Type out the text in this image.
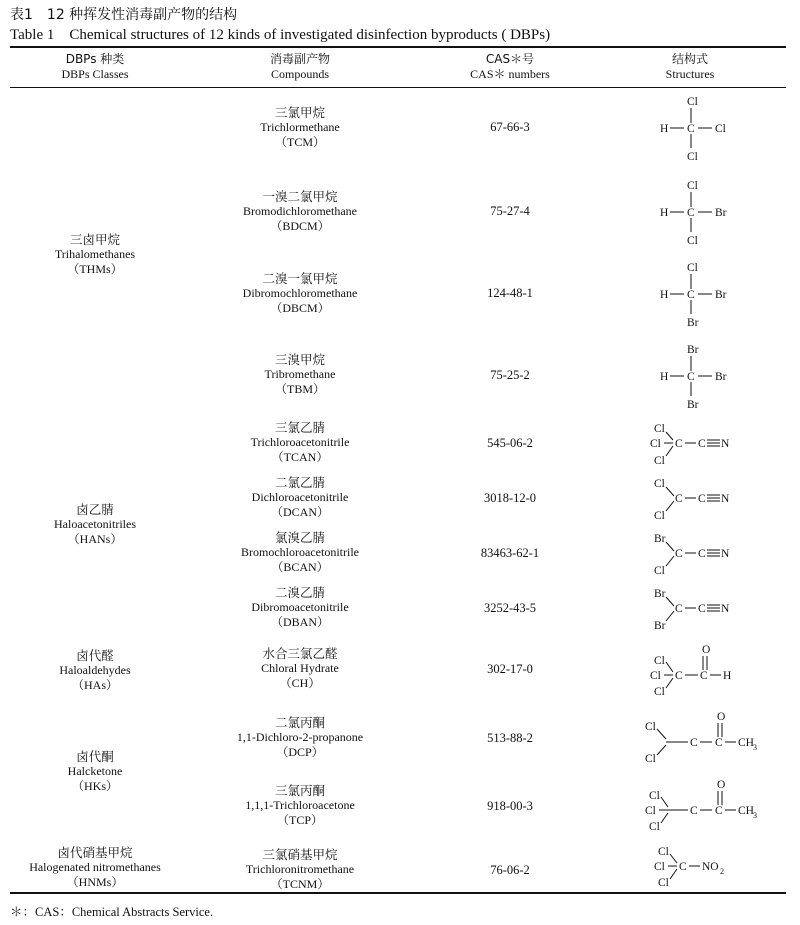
表1　12 种挥发性消毒副产物的结构
Table 1　Chemical structures of 12 kinds of investigated disinfection byproducts ( DBPs)
DBPs 种类
DBPs Classes
消毒副产物
Compounds
CAS＊号
CAS＊ numbers
结构式
Structures
三卤甲烷
Trihalomethanes
（THMs）
卤乙腈
Haloacetonitriles
（HANs）
卤代醛
Haloaldehydes
（HAs）
卤代酮
Halcketone
（HKs）
卤代硝基甲烷
Halogenated nitromethanes
（HNMs）
三氯甲烷
Trichlormethane
（TCM）
67-66-3
一溴二氯甲烷
Bromodichloromethane
（BDCM）
75-27-4
二溴一氯甲烷
Dibromochloromethane
（DBCM）
124-48-1
三溴甲烷
Tribromethane
（TBM）
75-25-2
三氯乙腈
Trichloroacetonitrile
（TCAN）
545-06-2
二氯乙腈
Dichloroacetonitrile
（DCAN）
3018-12-0
氯溴乙腈
Bromochloroacetonitrile
（BCAN）
83463-62-1
二溴乙腈
Dibromoacetonitrile
（DBAN）
3252-43-5
水合三氯乙醛
Chloral Hydrate
（CH）
302-17-0
二氯丙酮
1,1-Dichloro-2-propanone
（DCP）
513-88-2
三氯丙酮
1,1,1-Trichloroacetone
（TCP）
918-00-3
三氯硝基甲烷
Trichloronitromethane
（TCNM）
76-06-2
Cl
H C Cl
Cl
Cl
H C Br
Cl
Cl
H C Br
Br
Br
H C Br
Br
Cl
Cl
Cl
C C N
Cl
Cl
C C N
Br
Cl
C C N
Br
Br
C C N
O
Cl
Cl
Cl
C C H
O
Cl
Cl
C C CH 3
O
Cl
Cl
Cl
C C CH 3
Cl
Cl
Cl
C NO 2
＊：CAS：Chemical Abstracts Service.
